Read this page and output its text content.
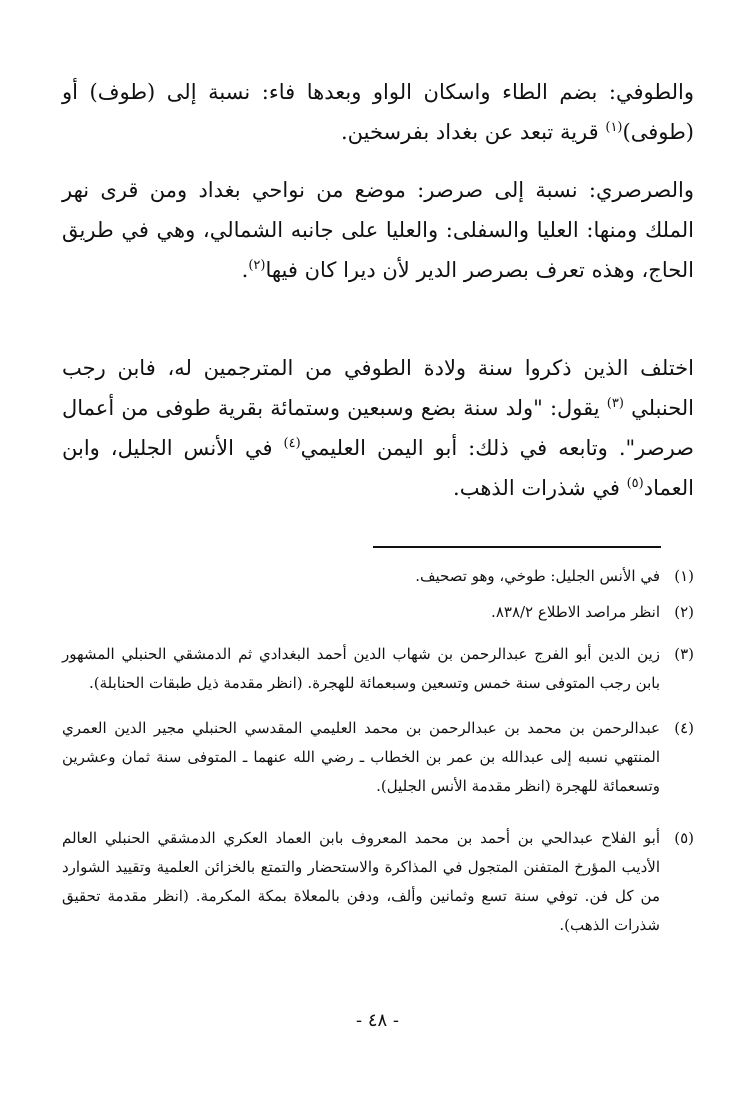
والطوفي: بضم الطاء واسكان الواو وبعدها فاء: نسبة إلى (طوف) أو (طوفى)$^{(١)}$ قرية تبعد عن بغداد بفرسخين.

والصرصري: نسبة إلى صرصر: موضع من نواحي بغداد ومن قرى نهر الملك ومنها: العليا والسفلى: والعليا على جانبه الشمالي، وهي في طريق الحاج، وهذه تعرف بصرصر الدير لأن ديرا كان فيها$^{(٢)}$.

اختلف الذين ذكروا سنة ولادة الطوفي من المترجمين له، فابن رجب الحنبلي $^{(٣)}$ يقول: "ولد سنة بضع وسبعين وستمائة بقرية طوفى من أعمال صرصر". وتابعه في ذلك: أبو اليمن العليمي$^{(٤)}$ في الأنس الجليل، وابن العماد$^{(٥)}$ في شذرات الذهب.

(١)
في الأنس الجليل: طوخي، وهو تصحيف.
(٢)
انظر مراصد الاطلاع ٨٣٨/٢.
(٣)
زين الدين أبو الفرج عبدالرحمن بن شهاب الدين أحمد البغدادي ثم الدمشقي الحنبلي المشهور بابن رجب المتوفى سنة خمس وتسعين وسبعمائة للهجرة. (انظر مقدمة ذيل طبقات الحنابلة).
(٤)
عبدالرحمن بن محمد بن عبدالرحمن بن محمد العليمي المقدسي الحنبلي مجير الدين العمري المنتهي نسبه إلى عبدالله بن عمر بن الخطاب ـ رضي الله عنهما ـ المتوفى سنة ثمان وعشرين وتسعمائة للهجرة (انظر مقدمة الأنس الجليل).
(٥)
أبو الفلاح عبدالحي بن أحمد بن محمد المعروف بابن العماد العكري الدمشقي الحنبلي العالم الأديب المؤرخ المتفنن المتجول في المذاكرة والاستحضار والتمتع بالخزائن العلمية وتقييد الشوارد من كل فن. توفي سنة تسع وثمانين وألف، ودفن بالمعلاة بمكة المكرمة. (انظر مقدمة تحقيق شذرات الذهب).
- ٤٨ -
